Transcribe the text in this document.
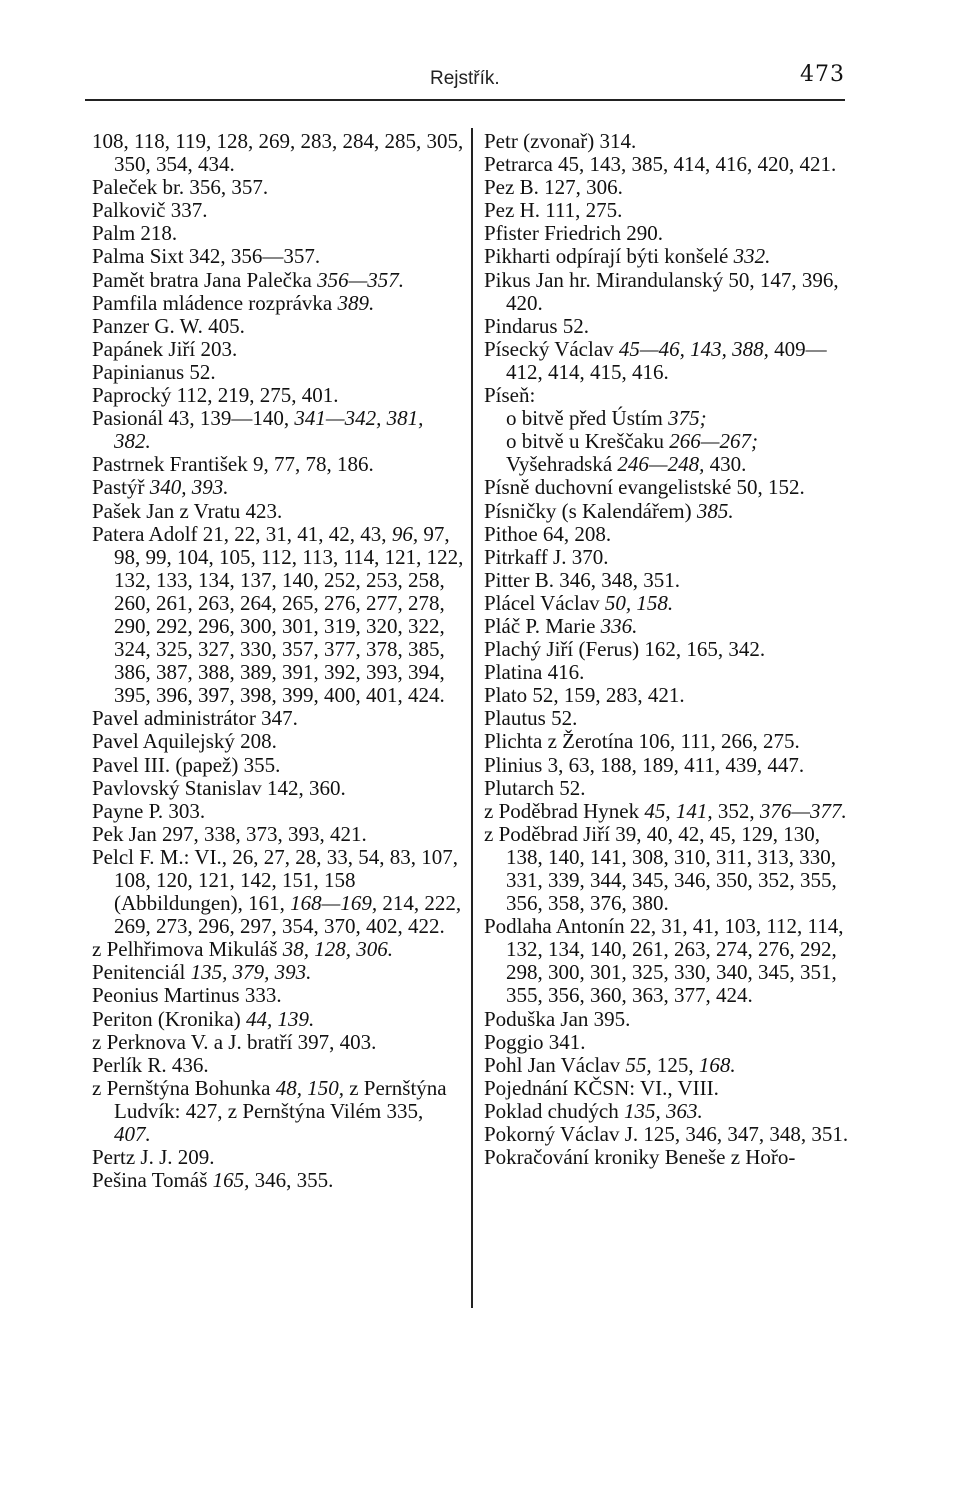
Rejstřík.	473
108, 118, 119, 128, 269, 283, 284, 285, 305, 350, 354, 434.
Paleček br. 356, 357.
Palkovič 337.
Palm 218.
Palma Sixt 342, 356—357.
Pamět bratra Jana Palečka 356—357.
Pamfila mládence rozprávka 389.
Panzer G. W. 405.
Papánek Jiří 203.
Papinianus 52.
Paprocký 112, 219, 275, 401.
Pasionál 43, 139—140, 341—342, 381, 382.
Pastrnek František 9, 77, 78, 186.
Pastýř 340, 393.
Pašek Jan z Vratu 423.
Patera Adolf 21, 22, 31, 41, 42, 43, 96, 97, 98, 99, 104, 105, 112, 113, 114, 121, 122, 132, 133, 134, 137, 140, 252, 253, 258, 260, 261, 263, 264, 265, 276, 277, 278, 290, 292, 296, 300, 301, 319, 320, 322, 324, 325, 327, 330, 357, 377, 378, 385, 386, 387, 388, 389, 391, 392, 393, 394, 395, 396, 397, 398, 399, 400, 401, 424.
Pavel administrátor 347.
Pavel Aquilejský 208.
Pavel III. (papež) 355.
Pavlovský Stanislav 142, 360.
Payne P. 303.
Pek Jan 297, 338, 373, 393, 421.
Pelcl F. M.: VI., 26, 27, 28, 33, 54, 83, 107, 108, 120, 121, 142, 151, 158 (Abbildungen), 161, 168—169, 214, 222, 269, 273, 296, 297, 354, 370, 402, 422.
z Pelhřimova Mikuláš 38, 128, 306.
Penitenciál 135, 379, 393.
Peonius Martinus 333.
Periton (Kronika) 44, 139.
z Perknova V. a J. bratří 397, 403.
Perlík R. 436.
z Pernštýna Bohunka 48, 150, z Pernštýna Ludvík: 427, z Pernštýna Vilém 335, 407.
Pertz J. J. 209.
Pešina Tomáš 165, 346, 355.
Petr (zvonař) 314.
Petrarca 45, 143, 385, 414, 416, 420, 421.
Pez B. 127, 306.
Pez H. 111, 275.
Pfister Friedrich 290.
Pikharti odpírají býti konšelé 332.
Pikus Jan hr. Mirandulanský 50, 147, 396, 420.
Pindarus 52.
Písecký Václav 45—46, 143, 388, 409—412, 414, 415, 416.
Píseň:
o bitvě před Ústím 375;
o bitvě u Kreščaku 266—267;
Vyšehradská 246—248, 430.
Písně duchovní evangelistské 50, 152.
Písničky (s Kalendářem) 385.
Pithoe 64, 208.
Pitrkaff J. 370.
Pitter B. 346, 348, 351.
Plácel Václav 50, 158.
Pláč P. Marie 336.
Plachý Jiří (Ferus) 162, 165, 342.
Platina 416.
Plato 52, 159, 283, 421.
Plautus 52.
Plichta z Žerotína 106, 111, 266, 275.
Plinius 3, 63, 188, 189, 411, 439, 447.
Plutarch 52.
z Poděbrad Hynek 45, 141, 352, 376—377.
z Poděbrad Jiří 39, 40, 42, 45, 129, 130, 138, 140, 141, 308, 310, 311, 313, 330, 331, 339, 344, 345, 346, 350, 352, 355, 356, 358, 376, 380.
Podlaha Antonín 22, 31, 41, 103, 112, 114, 132, 134, 140, 261, 263, 274, 276, 292, 298, 300, 301, 325, 330, 340, 345, 351, 355, 356, 360, 363, 377, 424.
Poduška Jan 395.
Poggio 341.
Pohl Jan Václav 55, 125, 168.
Pojednání KČSN: VI., VIII.
Poklad chudých 135, 363.
Pokorný Václav J. 125, 346, 347, 348, 351.
Pokračování kroniky Beneše z Hořo-
